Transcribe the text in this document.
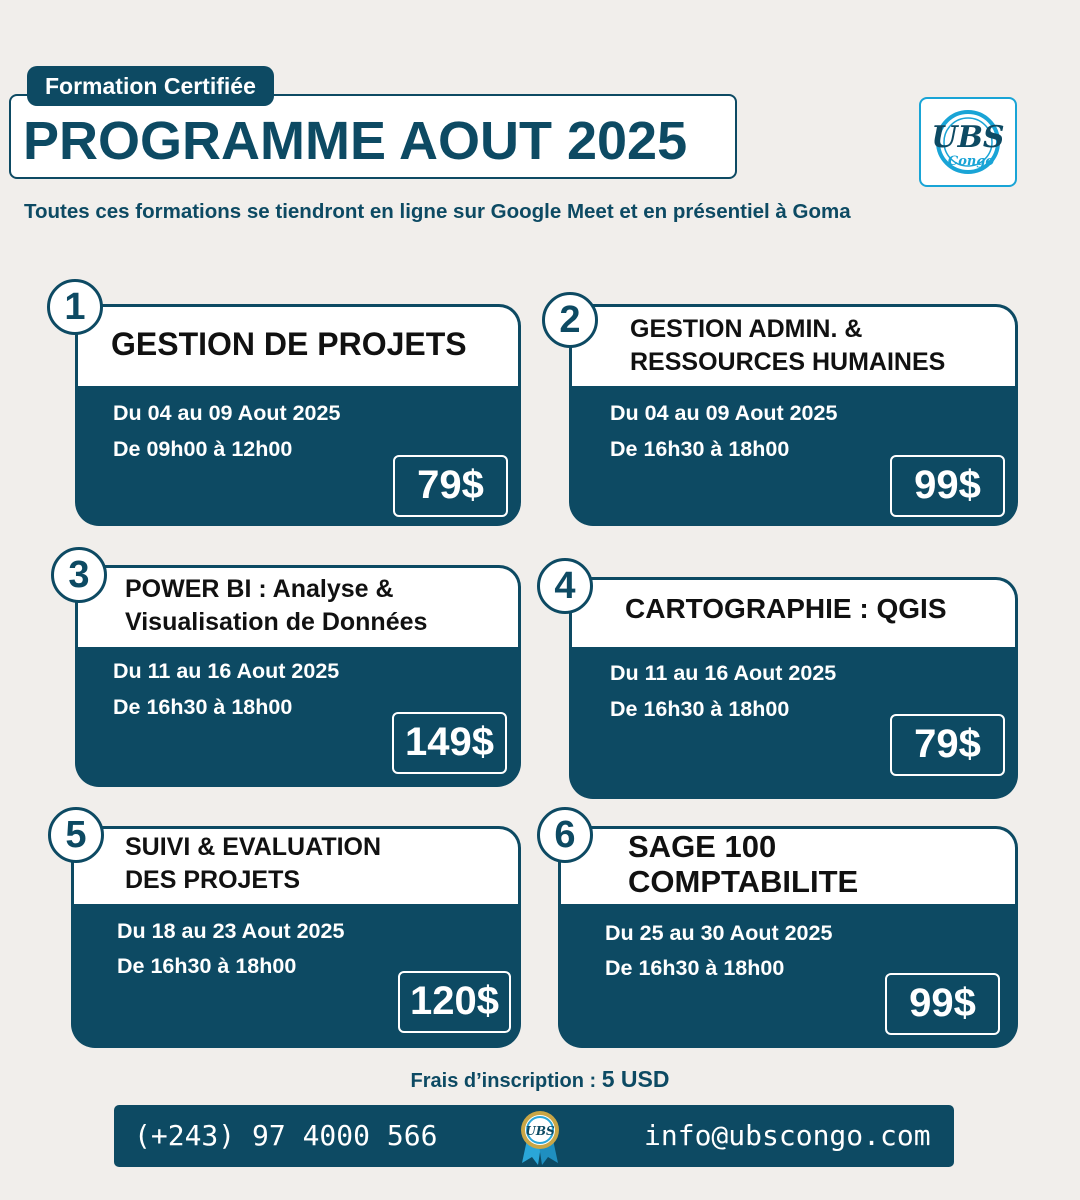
Formation Certifiée
PROGRAMME AOUT 2025	UBS
Congo
Toutes ces formations se tiendront en ligne sur Google Meet et en présentiel à Goma
GESTION DE PROJETS
Du 04 au 09 Aout 2025
De 09h00 à 12h00
79$
1
GESTION ADMIN. &
RESSOURCES HUMAINES
Du 04 au 09 Aout 2025
De 16h30 à 18h00
99$
2
POWER BI : Analyse &
Visualisation de Données
Du 11 au 16 Aout 2025
De 16h30 à 18h00
149$
3
CARTOGRAPHIE : QGIS
Du 11 au 16 Aout 2025
De 16h30 à 18h00
79$
4
SUIVI & EVALUATION
DES PROJETS
Du 18 au 23 Aout 2025
De 16h30 à 18h00
120$
5	SAGE 100
COMPTABILITE
Du 25 au 30 Aout 2025
De 16h30 à 18h00
99$
6
Frais d’inscription : 5 USD
(+243) 97 4000 566	UBS	info@ubscongo.com
